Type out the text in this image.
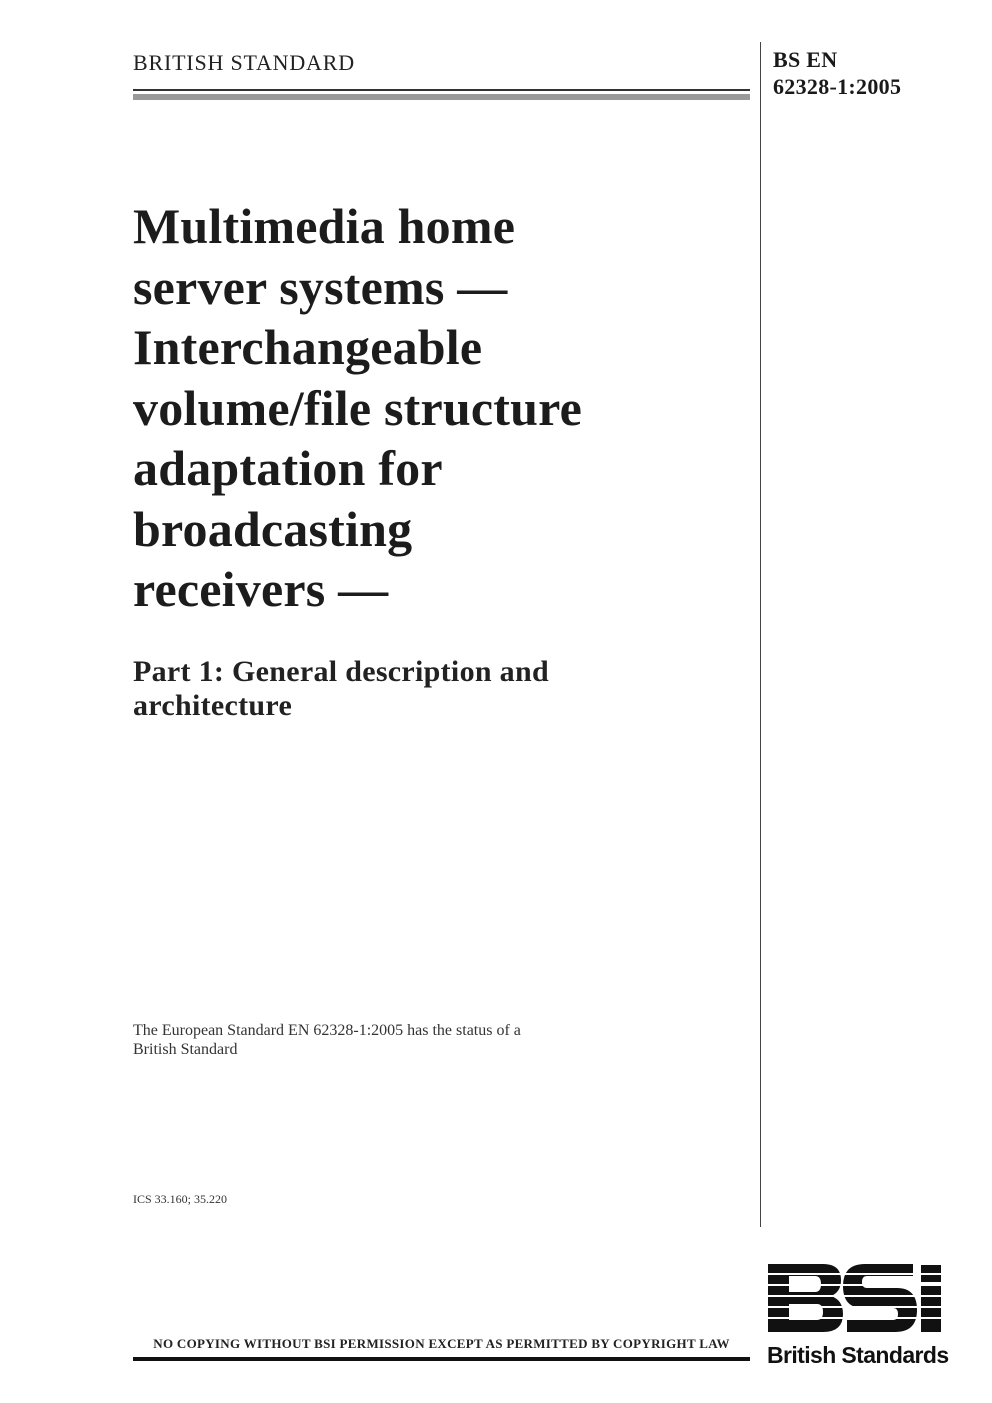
BRITISH STANDARD	BS EN
62328-1:2005
Multimedia home
server systems —
Interchangeable
volume/file structure
adaptation for
broadcasting
receivers —
Part 1: General description and
architecture
The European Standard EN 62328-1:2005 has the status of a
British Standard
ICS 33.160; 35.220
NO COPYING WITHOUT BSI PERMISSION EXCEPT AS PERMITTED BY COPYRIGHT LAW	British Standards
